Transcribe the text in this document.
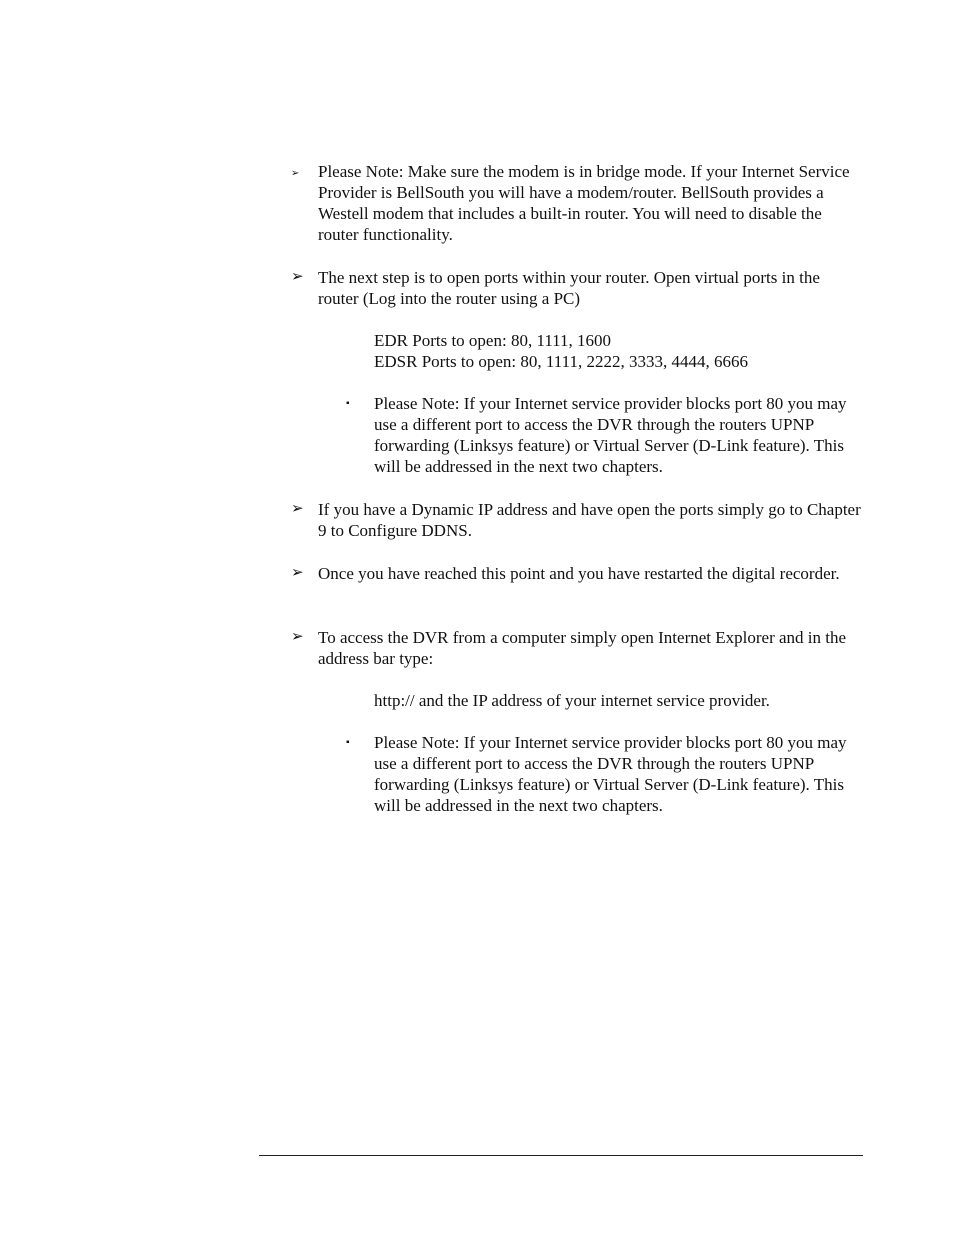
➢ Please Note: Make sure the modem is in bridge mode. If your Internet Service Provider is BellSouth you will have a modem/router. BellSouth provides a Westell modem that includes a built-in router. You will need to disable the router functionality.

➢ The next step is to open ports within your router. Open virtual ports in the router (Log into the router using a PC)

EDR Ports to open: 80, 1111, 1600

EDSR Ports to open: 80, 1111, 2222, 3333, 4444, 6666

▪ Please Note: If your Internet service provider blocks port 80 you may use a different port to access the DVR through the routers UPNP forwarding (Linksys feature) or Virtual Server (D-Link feature). This will be addressed in the next two chapters.

➢ If you have a Dynamic IP address and have open the ports simply go to Chapter 9 to Configure DDNS.

➢ Once you have reached this point and you have restarted the digital recorder.

➢ To access the DVR from a computer simply open Internet Explorer and in the address bar type:

http:// and the IP address of your internet service provider.

▪ Please Note: If your Internet service provider blocks port 80 you may use a different port to access the DVR through the routers UPNP forwarding (Linksys feature) or Virtual Server (D-Link feature). This will be addressed in the next two chapters.
